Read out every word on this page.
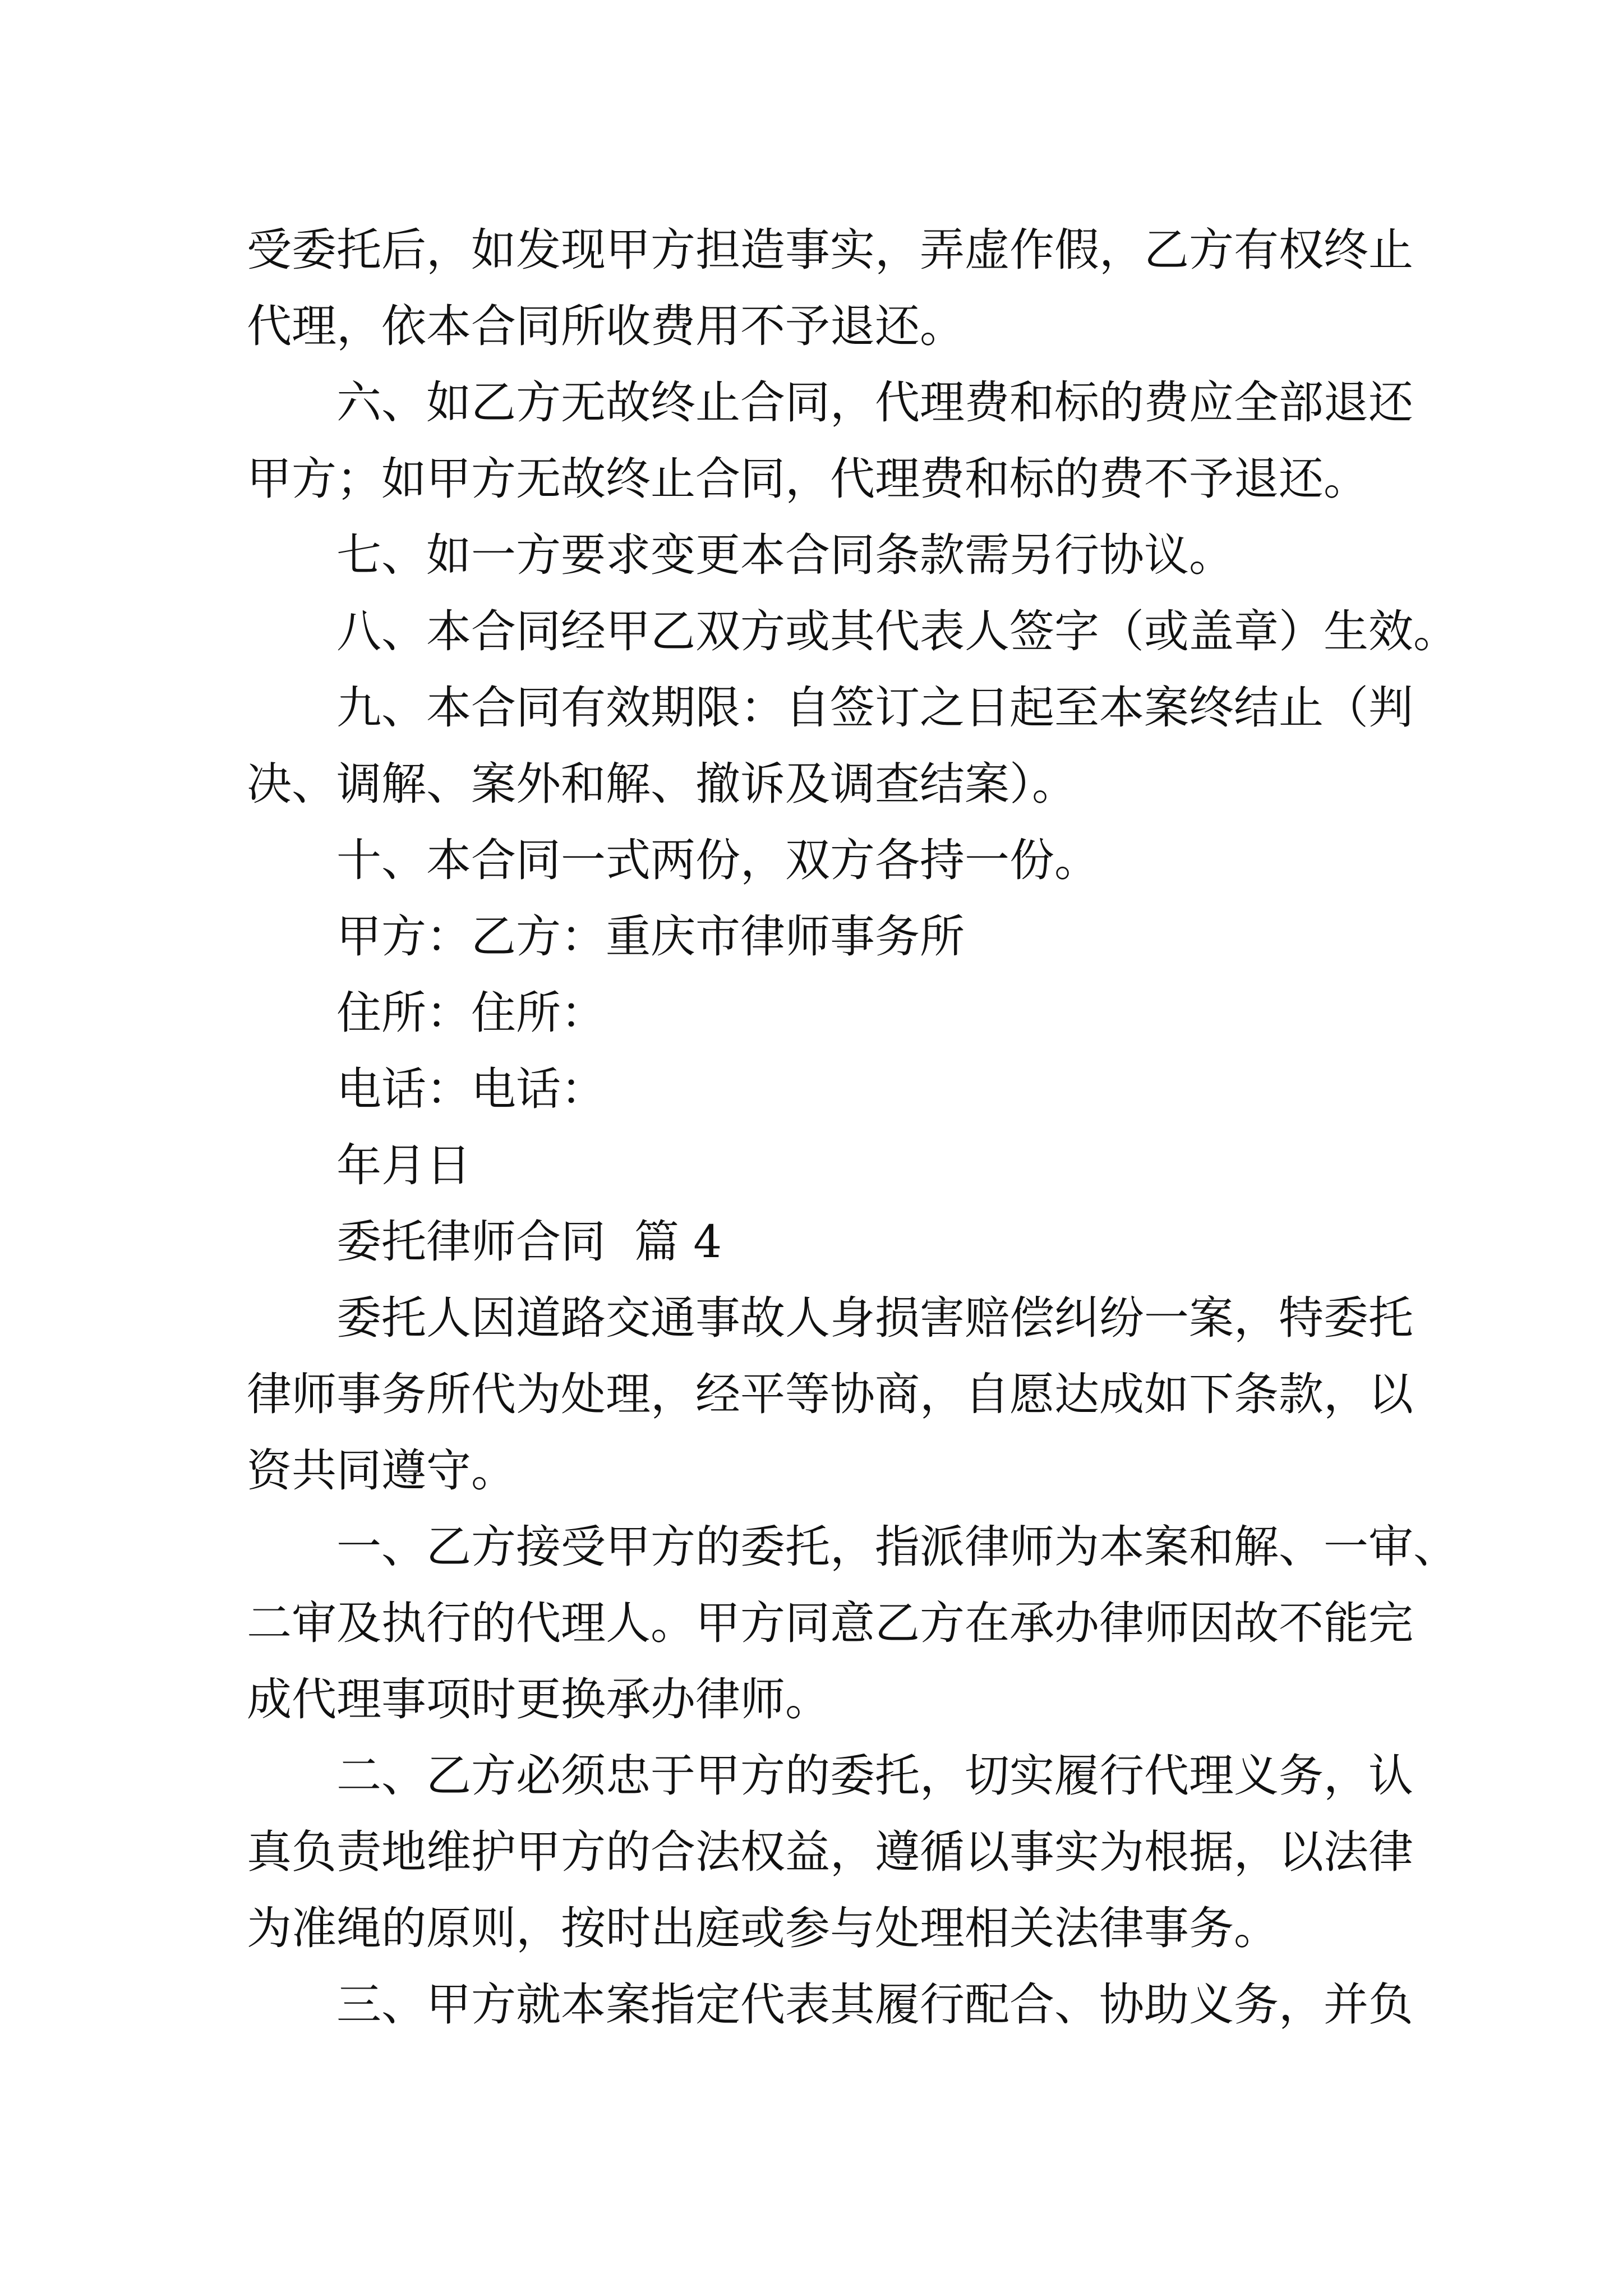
受委托后，如发现甲方担造事实，弄虚作假，乙方有权终止
代理，依本合同所收费用不予退还。
六、如乙方无故终止合同，代理费和标的费应全部退还
甲方；如甲方无故终止合同，代理费和标的费不予退还。
七、如一方要求变更本合同条款需另行协议。
八、本合同经甲乙双方或其代表人签字（或盖章）生效。
九、本合同有效期限：自签订之日起至本案终结止（判
决、调解、案外和解、撤诉及调查结案）。
十、本合同一式两份，双方各持一份。
甲方：乙方：重庆市律师事务所
住所：住所：
电话：电话：
年月日
委托律师合同  篇 4
委托人因道路交通事故人身损害赔偿纠纷一案，特委托
律师事务所代为处理，经平等协商，自愿达成如下条款，以
资共同遵守。
一、乙方接受甲方的委托，指派律师为本案和解、一审、
二审及执行的代理人。甲方同意乙方在承办律师因故不能完
成代理事项时更换承办律师。
二、乙方必须忠于甲方的委托，切实履行代理义务，认
真负责地维护甲方的合法权益，遵循以事实为根据，以法律
为准绳的原则，按时出庭或参与处理相关法律事务。
三、甲方就本案指定代表其履行配合、协助义务，并负
